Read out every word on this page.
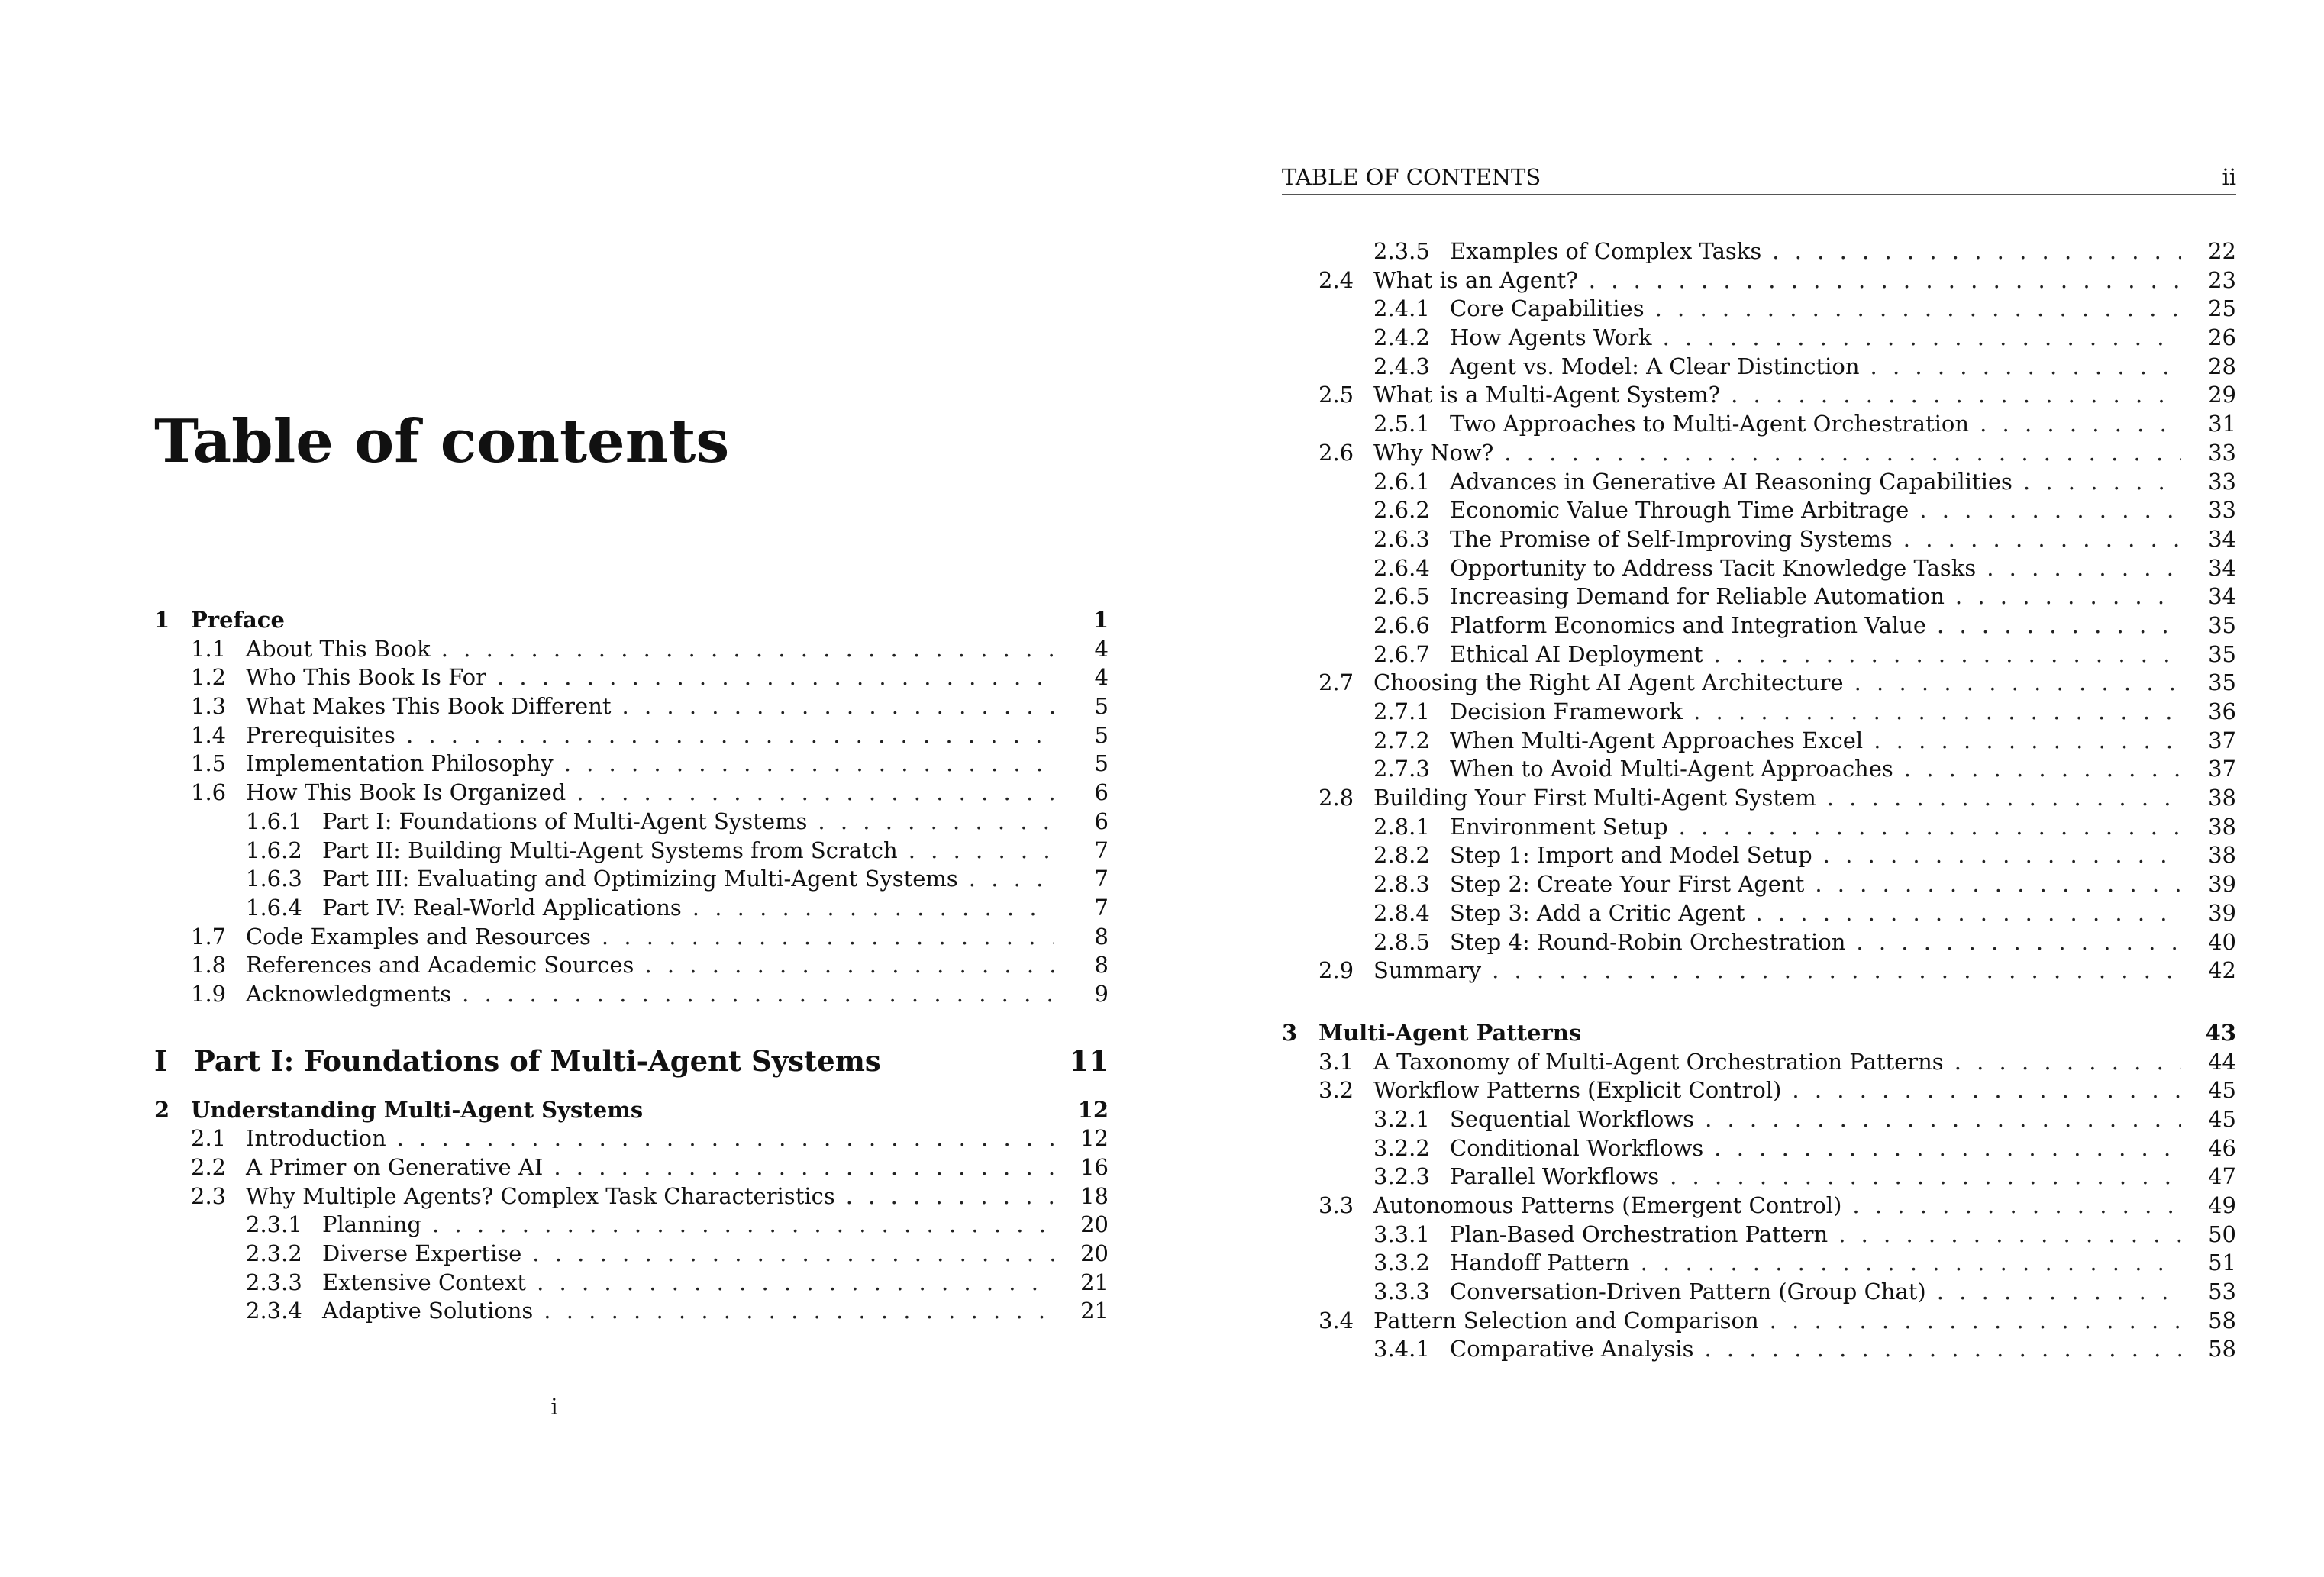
Table of contents
1 Preface	1
1.1 About This Book . . .	4
1.2 Who This Book Is For . . .	4
1.3 What Makes This Book Different . . .	5
1.4 Prerequisites . . .	5
1.5 Implementation Philosophy . . .	5
1.6 How This Book Is Organized . . .	6
1.6.1 Part I: Foundations of Multi-Agent Systems . . .	6
1.6.2 Part II: Building Multi-Agent Systems from Scratch . . .	7
1.6.3 Part III: Evaluating and Optimizing Multi-Agent Systems . . .	7
1.6.4 Part IV: Real-World Applications . . .	7
1.7 Code Examples and Resources . . .	8
1.8 References and Academic Sources . . .	8
1.9 Acknowledgments . . .	9
I Part I: Foundations of Multi-Agent Systems	11
2 Understanding Multi-Agent Systems	12
2.1 Introduction . . .	12
2.2 A Primer on Generative AI . . .	16
2.3 Why Multiple Agents? Complex Task Characteristics . . .	18
2.3.1 Planning . . .	20
2.3.2 Diverse Expertise . . .	20
2.3.3 Extensive Context . . .	21
2.3.4 Adaptive Solutions . . .	21
i
TABLE OF CONTENTS	ii
2.3.5 Examples of Complex Tasks . . .	22
2.4 What is an Agent? . . .	23
2.4.1 Core Capabilities . . .	25
2.4.2 How Agents Work . . .	26
2.4.3 Agent vs. Model: A Clear Distinction . . .	28
2.5 What is a Multi-Agent System? . . .	29
2.5.1 Two Approaches to Multi-Agent Orchestration . . .	31
2.6 Why Now? . . .	33
2.6.1 Advances in Generative AI Reasoning Capabilities . . .	33
2.6.2 Economic Value Through Time Arbitrage . . .	33
2.6.3 The Promise of Self-Improving Systems . . .	34
2.6.4 Opportunity to Address Tacit Knowledge Tasks . . .	34
2.6.5 Increasing Demand for Reliable Automation . . .	34
2.6.6 Platform Economics and Integration Value . . .	35
2.6.7 Ethical AI Deployment . . .	35
2.7 Choosing the Right AI Agent Architecture . . .	35
2.7.1 Decision Framework . . .	36
2.7.2 When Multi-Agent Approaches Excel . . .	37
2.7.3 When to Avoid Multi-Agent Approaches . . .	37
2.8 Building Your First Multi-Agent System . . .	38
2.8.1 Environment Setup . . .	38
2.8.2 Step 1: Import and Model Setup . . .	38
2.8.3 Step 2: Create Your First Agent . . .	39
2.8.4 Step 3: Add a Critic Agent . . .	39
2.8.5 Step 4: Round-Robin Orchestration . . .	40
2.9 Summary . . .	42
3 Multi-Agent Patterns	43
3.1 A Taxonomy of Multi-Agent Orchestration Patterns . . .	44
3.2 Workflow Patterns (Explicit Control) . . .	45
3.2.1 Sequential Workflows . . .	45
3.2.2 Conditional Workflows . . .	46
3.2.3 Parallel Workflows . . .	47
3.3 Autonomous Patterns (Emergent Control) . . .	49
3.3.1 Plan-Based Orchestration Pattern . . .	50
3.3.2 Handoff Pattern . . .	51
3.3.3 Conversation-Driven Pattern (Group Chat) . . .	53
3.4 Pattern Selection and Comparison . . .	58
3.4.1 Comparative Analysis . . .	58
